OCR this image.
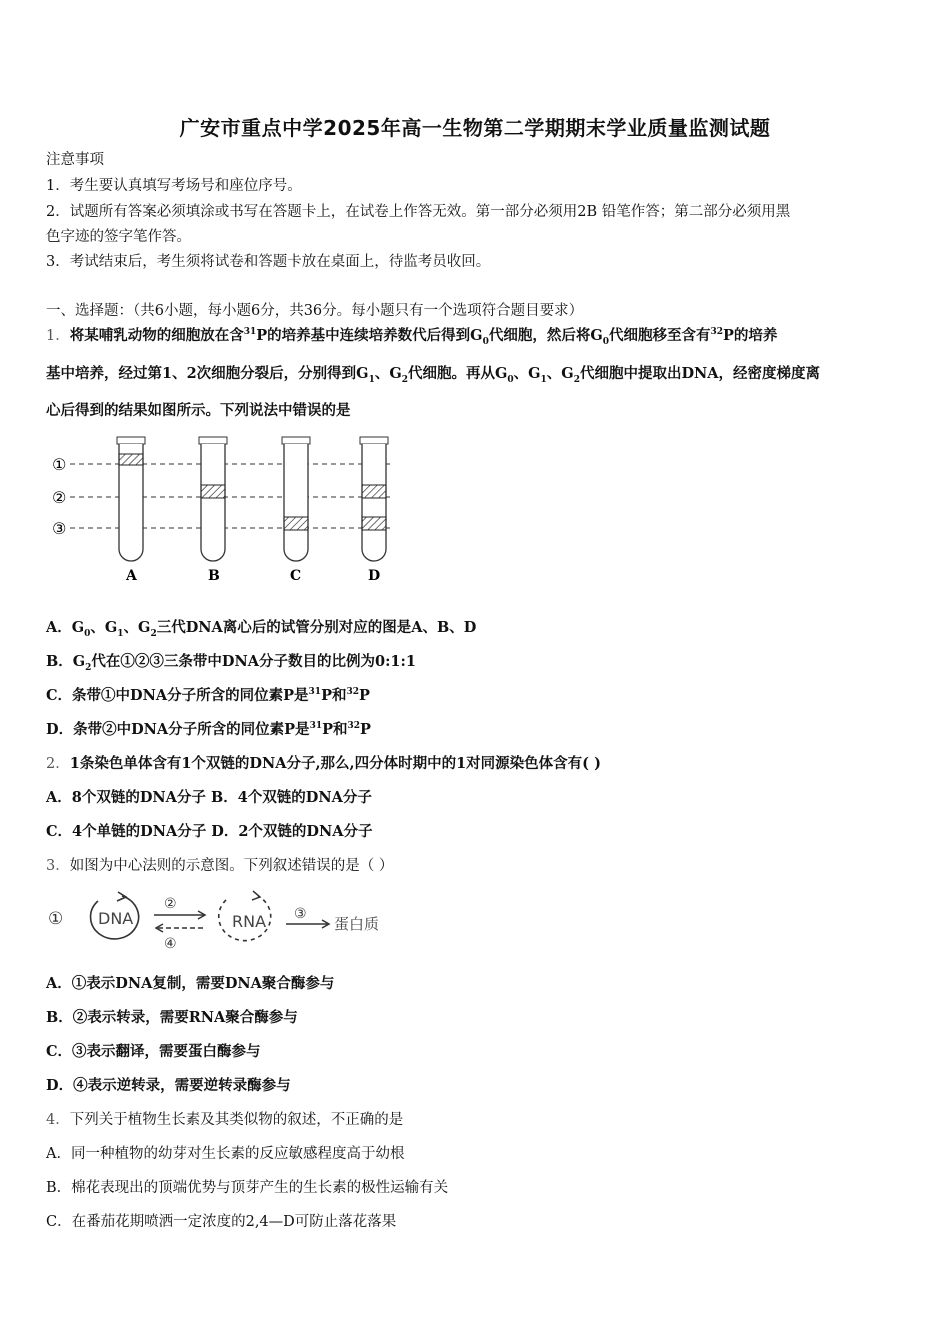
广安市重点中学2025年高一生物第二学期期末学业质量监测试题
注意事项
1．考生要认真填写考场号和座位序号。
2．试题所有答案必须填涂或书写在答题卡上，在试卷上作答无效。第一部分必须用2B 铅笔作答；第二部分必须用黑
色字迹的签字笔作答。
3．考试结束后，考生须将试卷和答题卡放在桌面上，待监考员收回。
一、选择题：（共6小题，每小题6分，共36分。每小题只有一个选项符合题目要求）
1．将某哺乳动物的细胞放在含$^{31}$P的培养基中连续培养数代后得到$G_0$代细胞，然后将$G_0$代细胞移至含有$^{32}$P的培养
基中培养，经过第1、2次细胞分裂后，分别得到$G_1$、$G_2$代细胞。再从$G_0$、$G_1$、$G_2$代细胞中提取出DNA，经密度梯度离
心后得到的结果如图所示。下列说法中错误的是
①
②
③
A	B	C	D
A．$G_0$、$G_1$、$G_2$三代DNA离心后的试管分别对应的图是A、B、D
B．$G_2$代在①②③三条带中DNA分子数目的比例为0:1:1
C．条带①中DNA分子所含的同位素P是$^{31}$P和$^{32}$P
D．条带②中DNA分子所含的同位素P是$^{31}$P和$^{32}$P
2．1条染色单体含有1个双链的DNA分子,那么,四分体时期中的1对同源染色体含有( )
A．8个双链的DNA分子 B．4个双链的DNA分子
C．4个单链的DNA分子 D．2个双链的DNA分子
3．如图为中心法则的示意图。下列叙述错误的是（ ）
① DNA
②
④
RNA ③
蛋白质
A．①表示DNA复制，需要DNA聚合酶参与
B．②表示转录，需要RNA聚合酶参与
C．③表示翻译，需要蛋白酶参与
D．④表示逆转录，需要逆转录酶参与
4．下列关于植物生长素及其类似物的叙述，不正确的是
A．同一种植物的幼芽对生长素的反应敏感程度高于幼根
B．棉花表现出的顶端优势与顶芽产生的生长素的极性运输有关
C．在番茄花期喷洒一定浓度的2,4—D可防止落花落果
